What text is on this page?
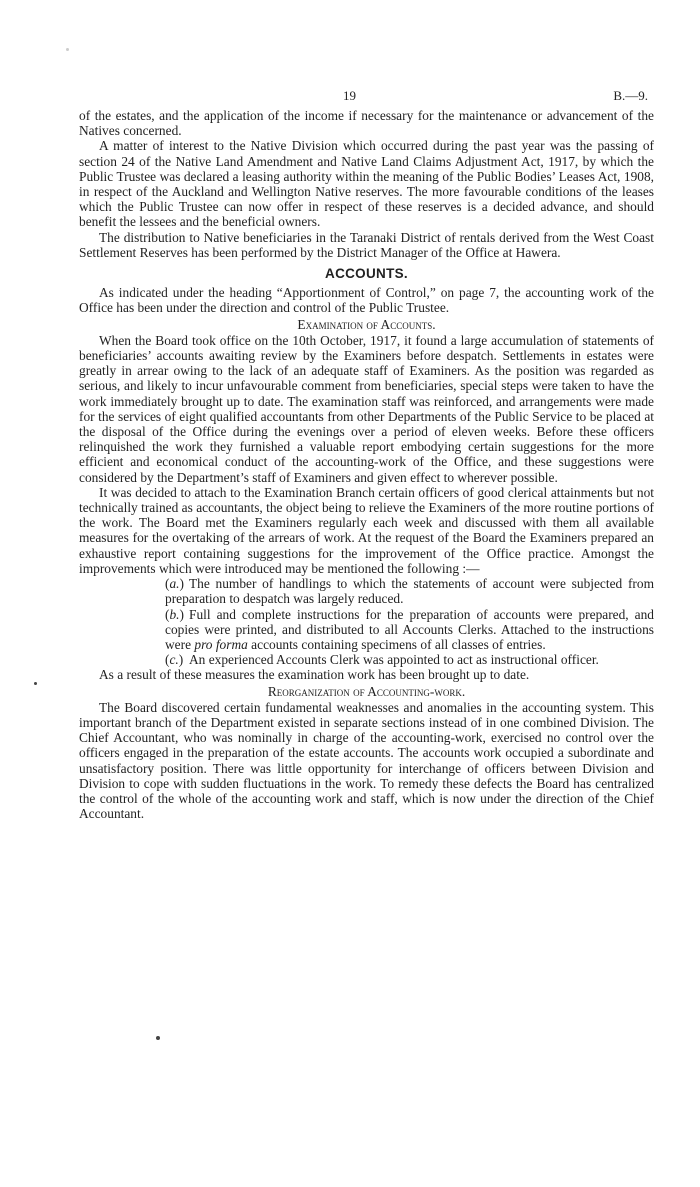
19	B.—9.

of the estates, and the application of the income if necessary for the maintenance or advancement of the Natives concerned.

A matter of interest to the Native Division which occurred during the past year was the passing of section 24 of the Native Land Amendment and Native Land Claims Adjustment Act, 1917, by which the Public Trustee was declared a leasing authority within the meaning of the Public Bodies’ Leases Act, 1908, in respect of the Auckland and Wellington Native reserves. The more favourable conditions of the leases which the Public Trustee can now offer in respect of these reserves is a decided advance, and should benefit the lessees and the beneficial owners.

The distribution to Native beneficiaries in the Taranaki District of rentals derived from the West Coast Settlement Reserves has been performed by the District Manager of the Office at Hawera.

ACCOUNTS.

As indicated under the heading “Apportionment of Control,” on page 7, the accounting work of the Office has been under the direction and control of the Public Trustee.

Examination of Accounts.

When the Board took office on the 10th October, 1917, it found a large accumulation of statements of beneficiaries’ accounts awaiting review by the Examiners before despatch. Settlements in estates were greatly in arrear owing to the lack of an adequate staff of Examiners. As the position was regarded as serious, and likely to incur unfavourable comment from beneficiaries, special steps were taken to have the work immediately brought up to date. The examination staff was reinforced, and arrangements were made for the services of eight qualified accountants from other Departments of the Public Service to be placed at the disposal of the Office during the evenings over a period of eleven weeks. Before these officers relinquished the work they furnished a valuable report embodying certain suggestions for the more efficient and economical conduct of the accounting-work of the Office, and these suggestions were considered by the Department’s staff of Examiners and given effect to wherever possible.

It was decided to attach to the Examination Branch certain officers of good clerical attainments but not technically trained as accountants, the object being to relieve the Examiners of the more routine portions of the work. The Board met the Examiners regularly each week and discussed with them all available measures for the overtaking of the arrears of work. At the request of the Board the Examiners prepared an exhaustive report containing suggestions for the improvement of the Office practice. Amongst the improvements which were introduced may be mentioned the following :—

(a.) The number of handlings to which the statements of account were subjected from preparation to despatch was largely reduced.

(b.) Full and complete instructions for the preparation of accounts were prepared, and copies were printed, and distributed to all Accounts Clerks. Attached to the instructions were pro forma accounts containing specimens of all classes of entries.

(c.) An experienced Accounts Clerk was appointed to act as instructional officer.

As a result of these measures the examination work has been brought up to date.

Reorganization of Accounting-work.

The Board discovered certain fundamental weaknesses and anomalies in the accounting system. This important branch of the Department existed in separate sections instead of in one combined Division. The Chief Accountant, who was nominally in charge of the accounting-work, exercised no control over the officers engaged in the preparation of the estate accounts. The accounts work occupied a subordinate and unsatisfactory position. There was little opportunity for interchange of officers between Division and Division to cope with sudden fluctuations in the work. To remedy these defects the Board has centralized the control of the whole of the accounting work and staff, which is now under the direction of the Chief Accountant.
